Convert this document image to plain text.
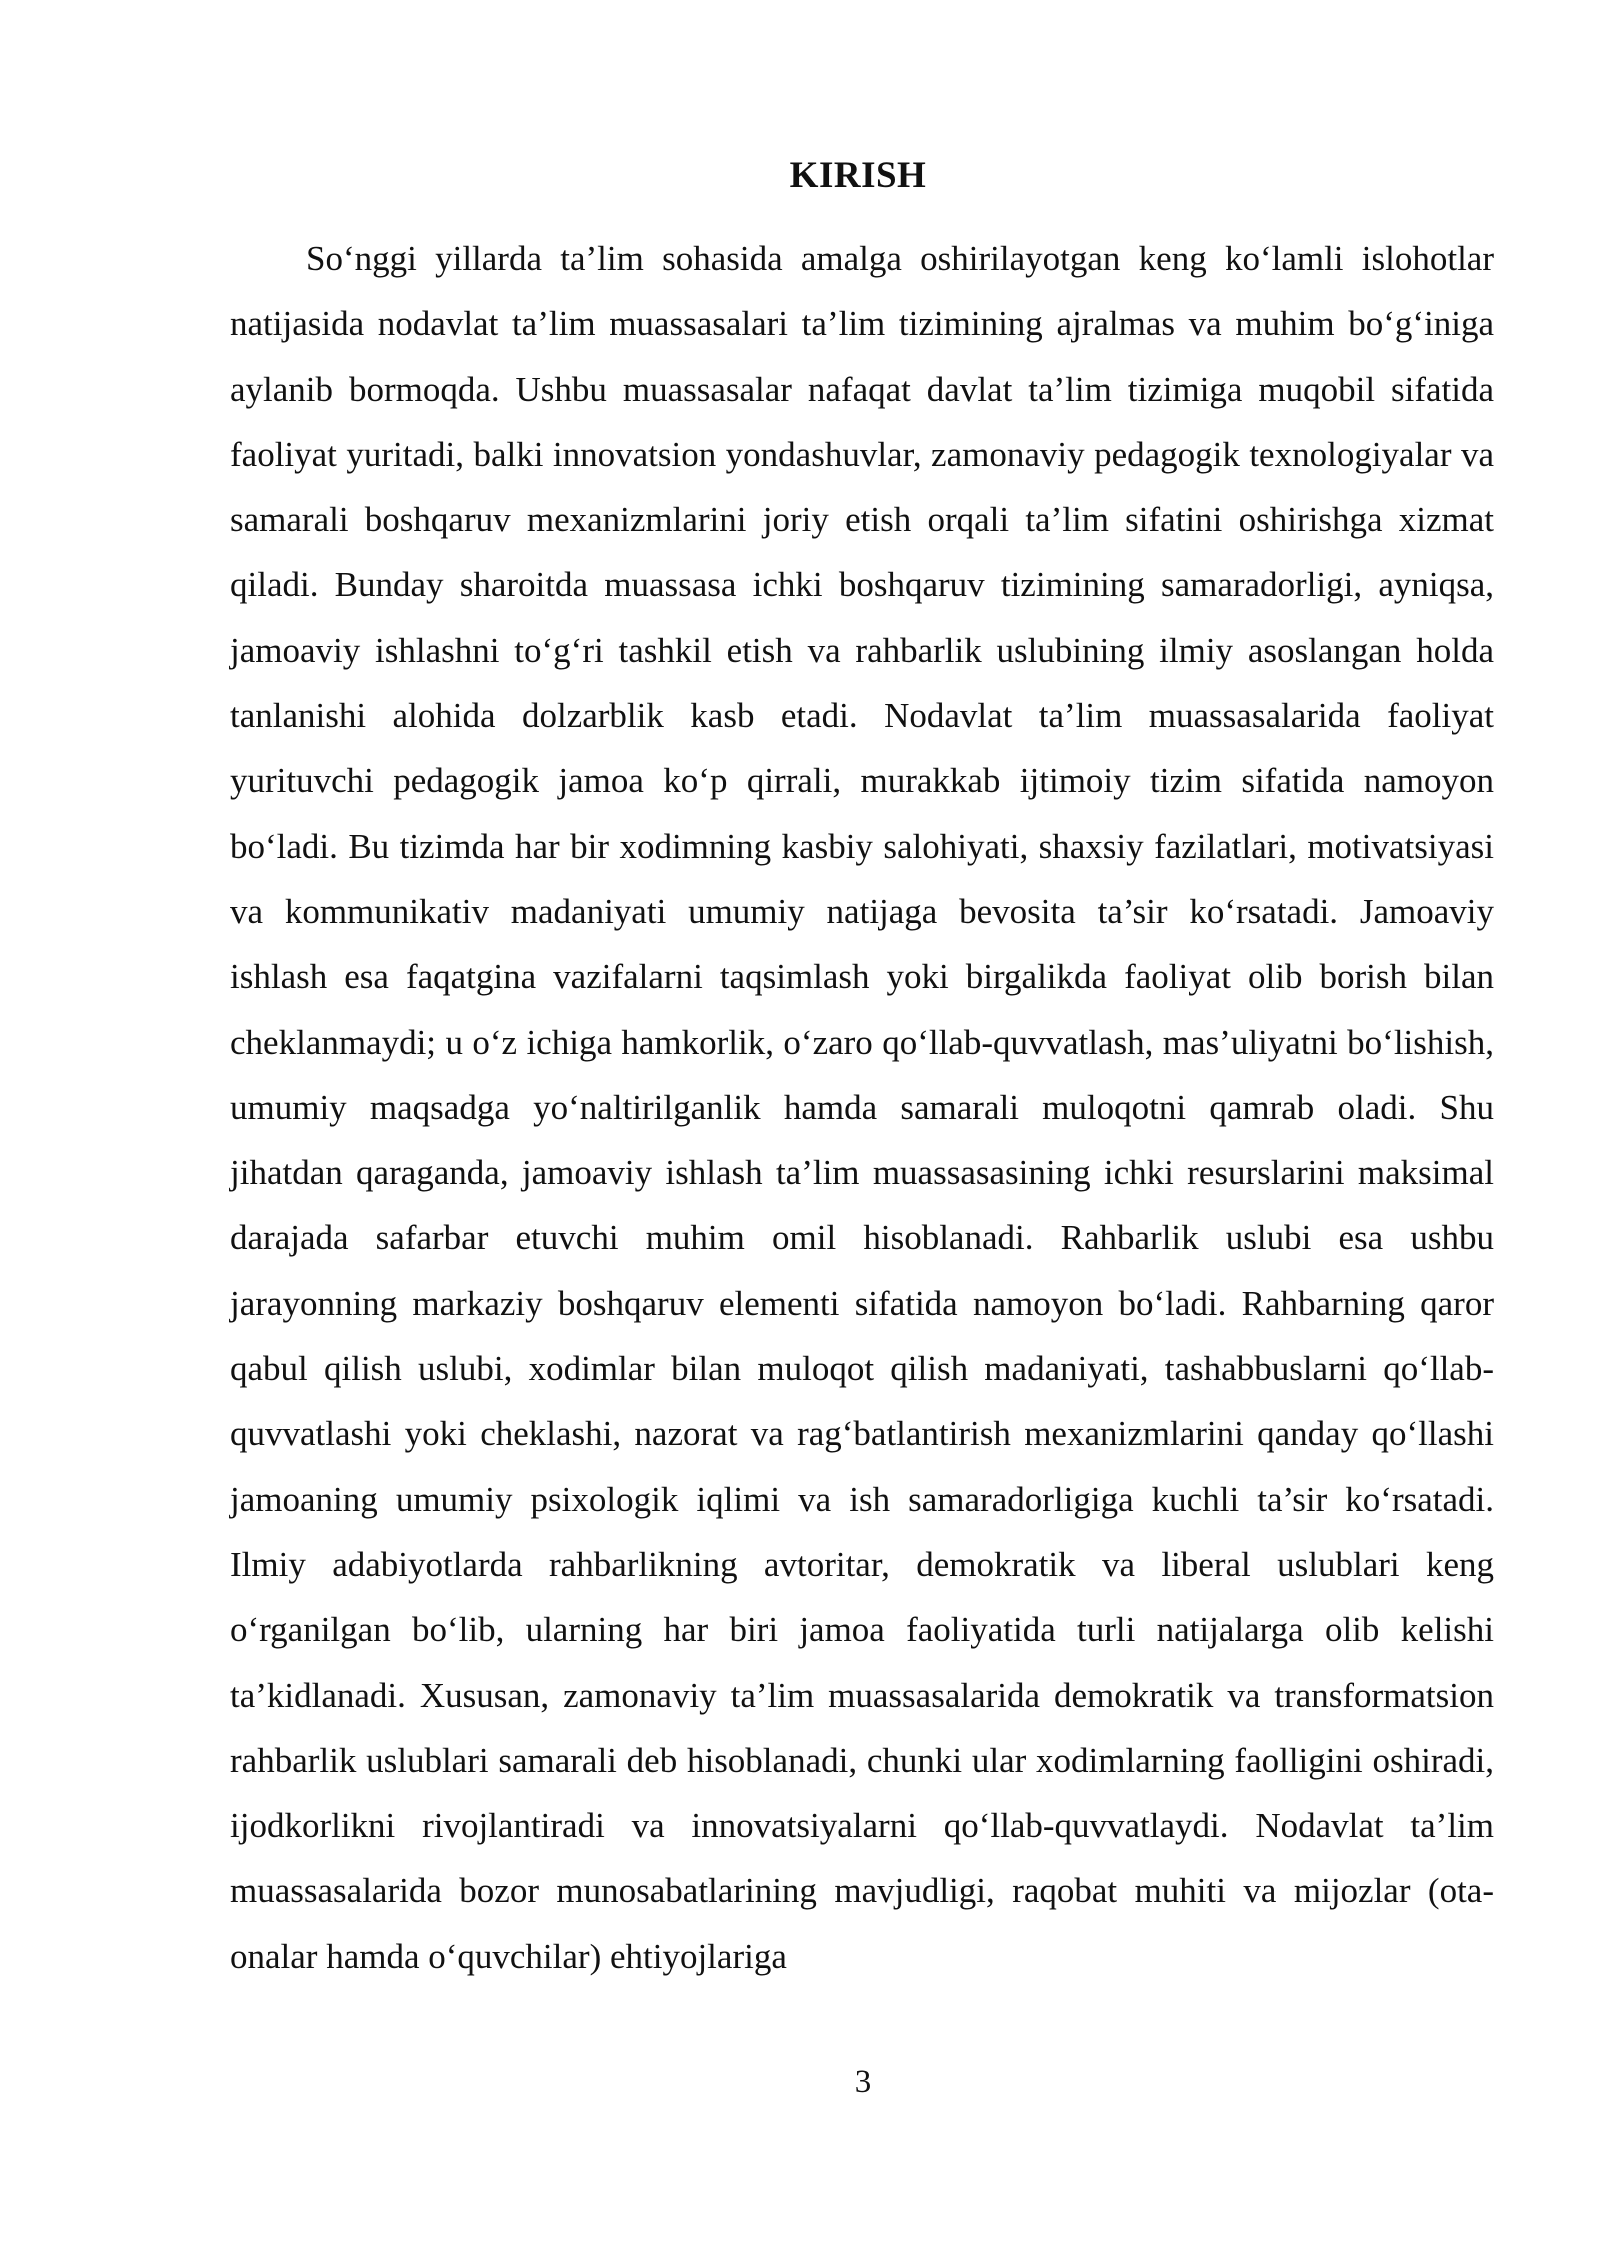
KIRISH

So‘nggi yillarda ta’lim sohasida amalga oshirilayotgan keng ko‘lamli islohotlar natijasida nodavlat ta’lim muassasalari ta’lim tizimining ajralmas va muhim bo‘g‘iniga aylanib bormoqda. Ushbu muassasalar nafaqat davlat ta’lim tizimiga muqobil sifatida faoliyat yuritadi, balki innovatsion yondashuvlar, zamonaviy pedagogik texnologiyalar va samarali boshqaruv mexanizmlarini joriy etish orqali ta’lim sifatini oshirishga xizmat qiladi. Bunday sharoitda muassasa ichki boshqaruv tizimining samaradorligi, ayniqsa, jamoaviy ishlashni to‘g‘ri tashkil etish va rahbarlik uslubining ilmiy asoslangan holda tanlanishi alohida dolzarblik kasb etadi. Nodavlat ta’lim muassasalarida faoliyat yurituvchi pedagogik jamoa ko‘p qirrali, murakkab ijtimoiy tizim sifatida namoyon bo‘ladi. Bu tizimda har bir xodimning kasbiy salohiyati, shaxsiy fazilatlari, motivatsiyasi va kommunikativ madaniyati umumiy natijaga bevosita ta’sir ko‘rsatadi. Jamoaviy ishlash esa faqatgina vazifalarni taqsimlash yoki birgalikda faoliyat olib borish bilan cheklanmaydi; u o‘z ichiga hamkorlik, o‘zaro qo‘llab-quvvatlash, mas’uliyatni bo‘lishish, umumiy maqsadga yo‘naltirilganlik hamda samarali muloqotni qamrab oladi. Shu jihatdan qaraganda, jamoaviy ishlash ta’lim muassasasining ichki resurslarini maksimal darajada safarbar etuvchi muhim omil hisoblanadi. Rahbarlik uslubi esa ushbu jarayonning markaziy boshqaruv elementi sifatida namoyon bo‘ladi. Rahbarning qaror qabul qilish uslubi, xodimlar bilan muloqot qilish madaniyati, tashabbuslarni qo‘llab-quvvatlashi yoki cheklashi, nazorat va rag‘batlantirish mexanizmlarini qanday qo‘llashi jamoaning umumiy psixologik iqlimi va ish samaradorligiga kuchli ta’sir ko‘rsatadi. Ilmiy adabiyotlarda rahbarlikning avtoritar, demokratik va liberal uslublari keng o‘rganilgan bo‘lib, ularning har biri jamoa faoliyatida turli natijalarga olib kelishi ta’kidlanadi. Xususan, zamonaviy ta’lim muassasalarida demokratik va transformatsion rahbarlik uslublari samarali deb hisoblanadi, chunki ular xodimlarning faolligini oshiradi, ijodkorlikni rivojlantiradi va innovatsiyalarni qo‘llab-quvvatlaydi. Nodavlat ta’lim muassasalarida bozor munosabatlarining mavjudligi, raqobat muhiti va mijozlar (ota-onalar hamda o‘quvchilar) ehtiyojlariga

3
